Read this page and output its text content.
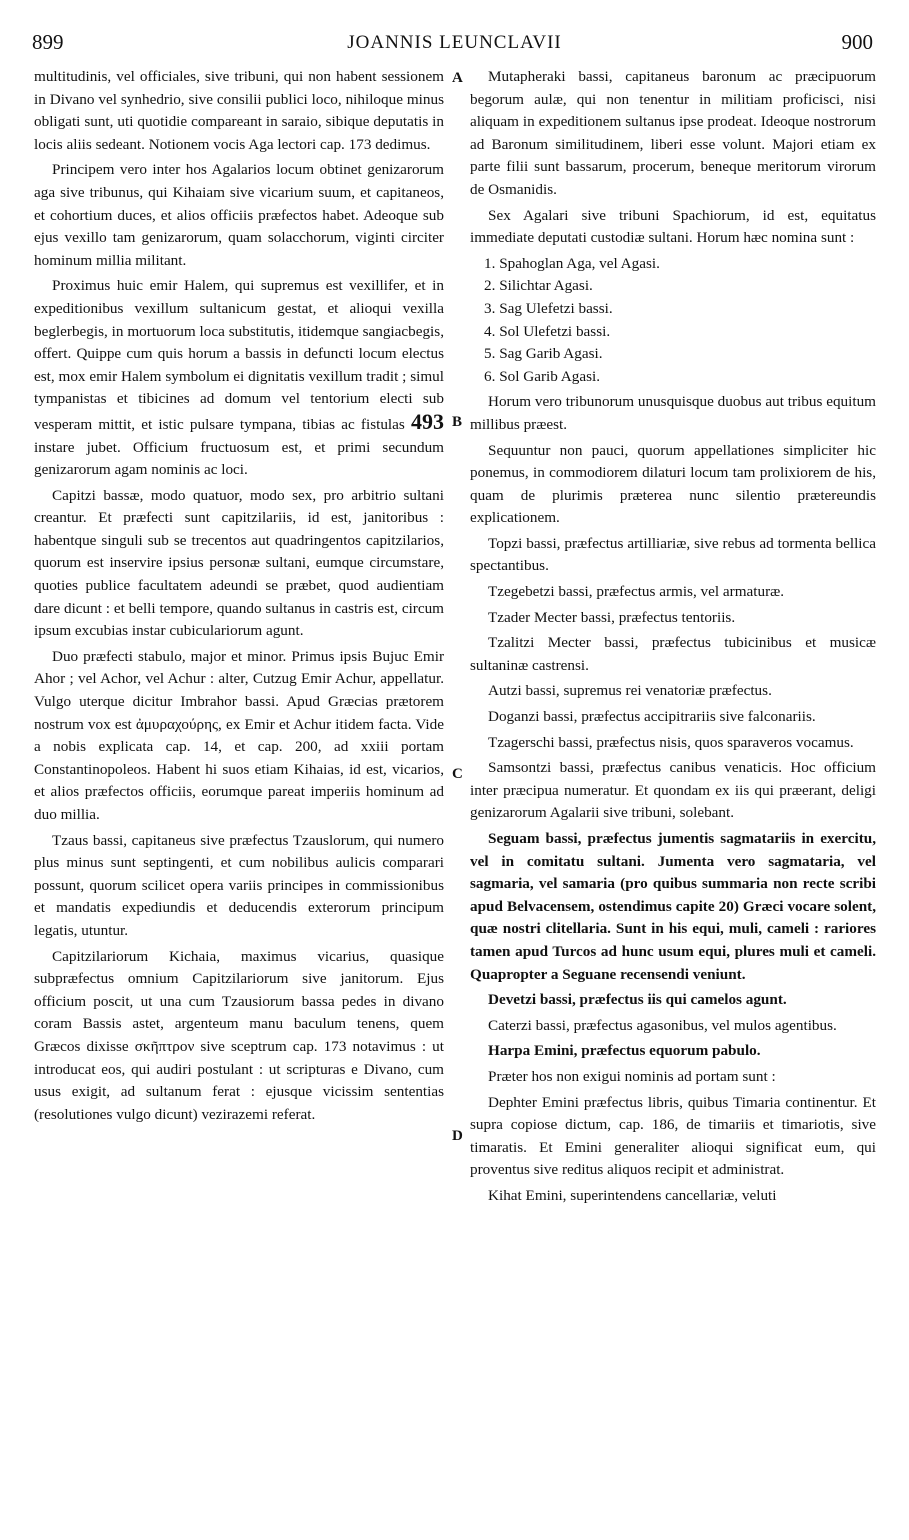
899	JOANNIS LEUNCLAVII	900
A
B
C
D

multitudinis, vel officiales, sive tribuni, qui non habent sessionem in Divano vel synhedrio, sive consilii publici loco, nihiloque minus obligati sunt, uti quotidie compareant in saraio, sibique deputatis in locis aliis sedeant. Notionem vocis Aga lectori cap. 173 dedimus.

Principem vero inter hos Agalarios locum obtinet genizarorum aga sive tribunus, qui Kihaiam sive vicarium suum, et capitaneos, et cohortium duces, et alios officiis præfectos habet. Adeoque sub ejus vexillo tam genizarorum, quam solacchorum, viginti circiter hominum millia militant.

Proximus huic emir Halem, qui supremus est vexillifer, et in expeditionibus vexillum sultanicum gestat, et alioqui vexilla beglerbegis, in mortuorum loca substitutis, itidemque sangiacbegis, offert. Quippe cum quis horum a bassis in defuncti locum electus est, mox emir Halem symbolum ei dignitatis vexillum tradit ; simul tympanistas et tibicines ad domum vel tentorium electi sub vesperam mittit, et istic pulsare tympana, tibias ac fistulas 493 instare jubet. Officium fructuosum est, et primi secundum genizarorum agam nominis ac loci.

Capitzi bassæ, modo quatuor, modo sex, pro arbitrio sultani creantur. Et præfecti sunt capitzilariis, id est, janitoribus : habentque singuli sub se trecentos aut quadringentos capitzilarios, quorum est inservire ipsius personæ sultani, eumque circumstare, quoties publice facultatem adeundi se præbet, quod audientiam dare dicunt : et belli tempore, quando sultanus in castris est, circum ipsum excubias instar cubiculariorum agunt.

Duo præfecti stabulo, major et minor. Primus ipsis Bujuc Emir Ahor ; vel Achor, vel Achur : alter, Cutzug Emir Achur, appellatur. Vulgo uterque dicitur Imbrahor bassi. Apud Græcias prætorem nostrum vox est ἀμυραχούρης, ex Emir et Achur itidem facta. Vide a nobis explicata cap. 14, et cap. 200, ad xxiii portam Constantinopoleos. Habent hi suos etiam Kihaias, id est, vicarios, et alios præfectos officiis, eorumque pareat imperiis hominum ad duo millia.

Tzaus bassi, capitaneus sive præfectus Tzauslorum, qui numero plus minus sunt septingenti, et cum nobilibus aulicis comparari possunt, quorum scilicet opera variis principes in commissionibus et mandatis expediundis et deducendis exterorum principum legatis, utuntur.

Capitzilariorum Kichaia, maximus vicarius, quasique subpræfectus omnium Capitzilariorum sive janitorum. Ejus officium poscit, ut una cum Tzausiorum bassa pedes in divano coram Bassis astet, argenteum manu baculum tenens, quem Græcos dixisse σκῆπτρον sive sceptrum cap. 173 notavimus : ut introducat eos, qui audiri postulant : ut scripturas e Divano, cum usus exigit, ad sultanum ferat : ejusque vicissim sententias (resolutiones vulgo dicunt) vezirazemi referat.

Mutapheraki bassi, capitaneus baronum ac præcipuorum begorum aulæ, qui non tenentur in militiam proficisci, nisi aliquam in expeditionem sultanus ipse prodeat. Ideoque nostrorum ad Baronum similitudinem, liberi esse volunt. Majori etiam ex parte filii sunt bassarum, procerum, beneque meritorum virorum de Osmanidis.

Sex Agalari sive tribuni Spachiorum, id est, equitatus immediate deputati custodiæ sultani. Horum hæc nomina sunt :

1. Spahoglan Aga, vel Agasi.
2. Silichtar Agasi.
3. Sag Ulefetzi bassi.
4. Sol Ulefetzi bassi.
5. Sag Garib Agasi.
6. Sol Garib Agasi.

Horum vero tribunorum unusquisque duobus aut tribus equitum millibus præest.

Sequuntur non pauci, quorum appellationes simpliciter hic ponemus, in commodiorem dilaturi locum tam prolixiorem de his, quam de plurimis præterea nunc silentio prætereundis explicationem.

Topzi bassi, præfectus artilliariæ, sive rebus ad tormenta bellica spectantibus.

Tzegebetzi bassi, præfectus armis, vel armaturæ.

Tzader Mecter bassi, præfectus tentoriis.

Tzalitzi Mecter bassi, præfectus tubicinibus et musicæ sultaninæ castrensi.

Autzi bassi, supremus rei venatoriæ præfectus.

Doganzi bassi, præfectus accipitrariis sive falconariis.

Tzagerschi bassi, præfectus nisis, quos sparaveros vocamus.

Samsontzi bassi, præfectus canibus venaticis. Hoc officium inter præcipua numeratur. Et quondam ex iis qui præerant, deligi genizarorum Agalarii sive tribuni, solebant.

Seguam bassi, præfectus jumentis sagmatariis in exercitu, vel in comitatu sultani. Jumenta vero sagmataria, vel sagmaria, vel samaria (pro quibus summaria non recte scribi apud Belvacensem, ostendimus capite 20) Græci vocare solent, quæ nostri clitellaria. Sunt in his equi, muli, cameli : rariores tamen apud Turcos ad hunc usum equi, plures muli et cameli. Quapropter a Seguane recensendi veniunt.

Devetzi bassi, præfectus iis qui camelos agunt.

Caterzi bassi, præfectus agasonibus, vel mulos agentibus.

Harpa Emini, præfectus equorum pabulo.

Præter hos non exigui nominis ad portam sunt :

Dephter Emini præfectus libris, quibus Timaria continentur. Et supra copiose dictum, cap. 186, de timariis et timariotis, sive timaratis. Et Emini generaliter alioqui significat eum, qui proventus sive reditus aliquos recipit et administrat.

Kihat Emini, superintendens cancellariæ, veluti
